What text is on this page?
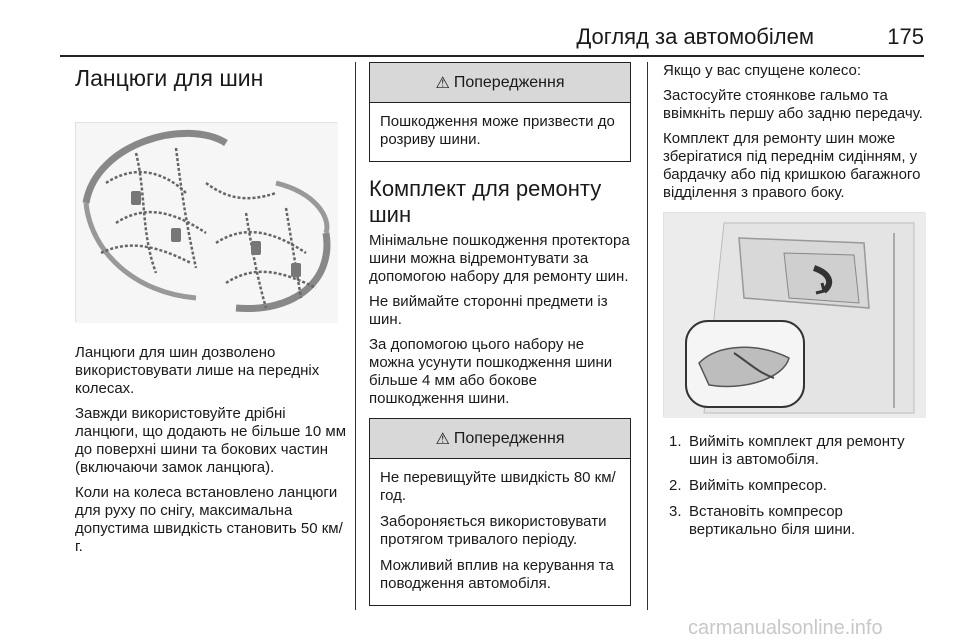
Догляд за автомобілем	175
Ланцюги для шин

Ланцюги для шин дозволено використовувати лише на передніх колесах.

Завжди використовуйте дрібні ланцюги, що додають не більше 10 мм до поверхні шини та бокових частин (включаючи замок ланцюга).

Коли на колеса встановлено ланцюги для руху по снігу, максимальна допустима швидкість становить 50 км/г.

⚠ Попередження

Пошкодження може призвести до розриву шини.

Комплект для ремонту шин

Мінімальне пошкодження протектора шини можна відремонтувати за допомогою набору для ремонту шин.

Не виймайте сторонні предмети із шин.

За допомогою цього набору не можна усунути пошкодження шини більше 4 мм або бокове пошкодження шини.

⚠ Попередження

Не перевищуйте швидкість 80 км/год.

Забороняється використовувати протягом тривалого періоду.

Можливий вплив на керування та поводження автомобіля.

Якщо у вас спущене колесо:

Застосуйте стоянкове гальмо та ввімкніть першу або задню передачу.

Комплект для ремонту шин може зберігатися під переднім сидінням, у бардачку або під кришкою багажного відділення з правого боку.

1. Вийміть комплект для ремонту шин із автомобіля.
2. Вийміть компресор.
3. Встановіть компресор вертикально біля шини.
carmanualsonline.info
